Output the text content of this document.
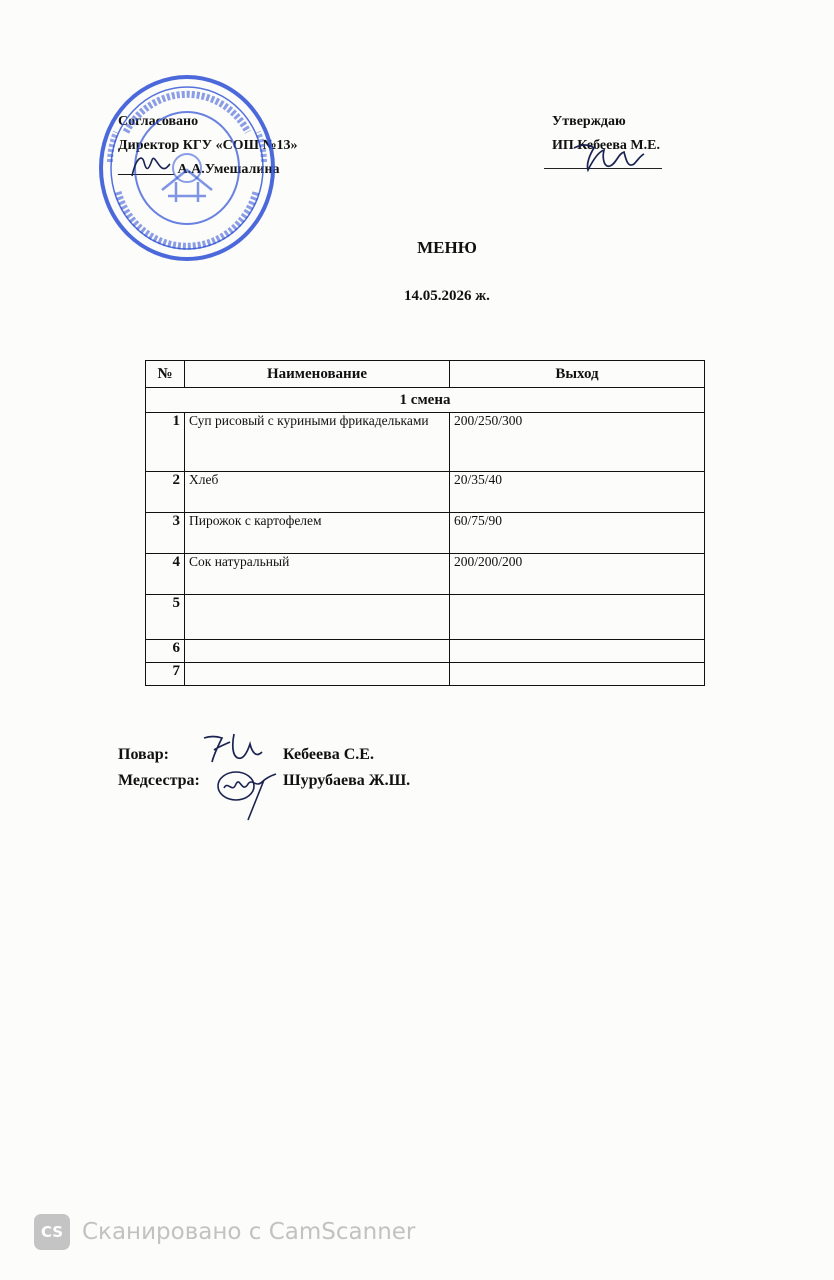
Согласовано
Директор КГУ «СОШ №13»
________ А.А.Умешалина
Утверждаю
ИП Кебеева М.Е.
МЕНЮ
14.05.2026 ж.
№	Наименование	Выход
1 смена		
1	Суп рисовый с куриными фрикадельками	200/250/300
2	Хлеб	20/35/40
3	Пирожок с картофелем	60/75/90
4	Сок натуральный	200/200/200
5		
6		
7		
Повар:	Кебеева С.Е.
Медсестра:	Шурубаева Ж.Ш.
CS Сканировано с CamScanner
